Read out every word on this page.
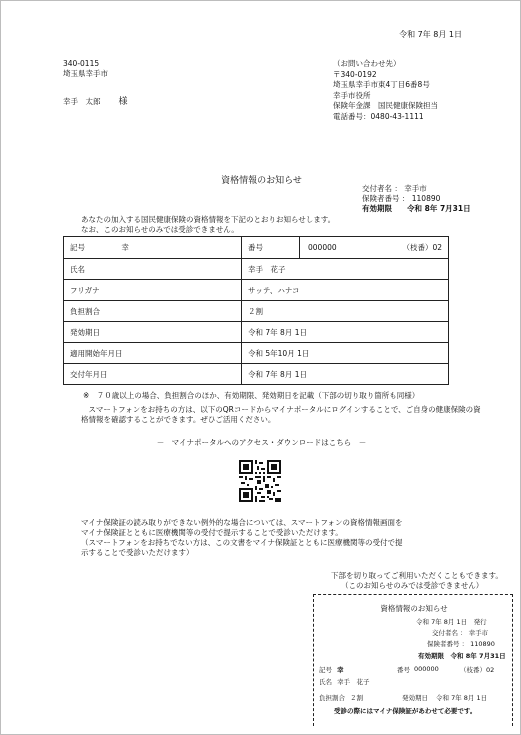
令和 7年 8月 1日
340-0115
埼玉県幸手市
幸手　太郎 様
（お問い合わせ先）
〒340-0192
埼玉県幸手市東4丁目6番8号
幸手市役所
保険年金課　国民健康保険担当
電話番号：0480-43-1111
資格情報のお知らせ
交付者名 ： 幸手市
保険者番号 ： 110890
有効期限　　 令和 8年 7月31日
あなたの加入する国民健康保険の資格情報を下記のとおりお知らせします。
なお、このお知らせのみでは受診できません。
記号 幸	番号 000000 （枝番）02

氏名	幸手　花子
フリガナ	サッテ、ハナコ
負担割合	２割
発効期日	令和 7年 8月 1日
適用開始年月日	令和 5年10月 1日
交付年月日	令和 7年 8月 1日
※　７０歳以上の場合、負担割合のほか、有効期限、発効期日を記載（下部の切り取り箇所も同様）
　スマートフォンをお持ちの方は、以下のQRコードからマイナポータルにログインすることで、ご自身の健康保険の資格情報を確認することができます。ぜひご活用ください。
－　マイナポータルへのアクセス・ダウンロードはこちら　－
マイナ保険証の読み取りができない例外的な場合については、スマートフォンの資格情報画面を
マイナ保険証とともに医療機関等の受付で提示することで受診いただけます。
（スマートフォンをお持ちでない方は、この文書をマイナ保険証とともに医療機関等の受付で提
示することで受診いただけます）
下部を切り取ってご利用いただくこともできます。
（このお知らせのみでは受診できません）
資格情報のお知らせ
令和 7年 8月 1日　発行
交付者名 ： 幸手市
保険者番号 ： 110890
有効期限　令和 8年 7月31日
記号 幸	番号 000000	（枝番）02
氏名 幸手　花子
負担割合 ２割	発効期日 令和 7年 8月 1日
受診の際にはマイナ保険証があわせて必要です。
